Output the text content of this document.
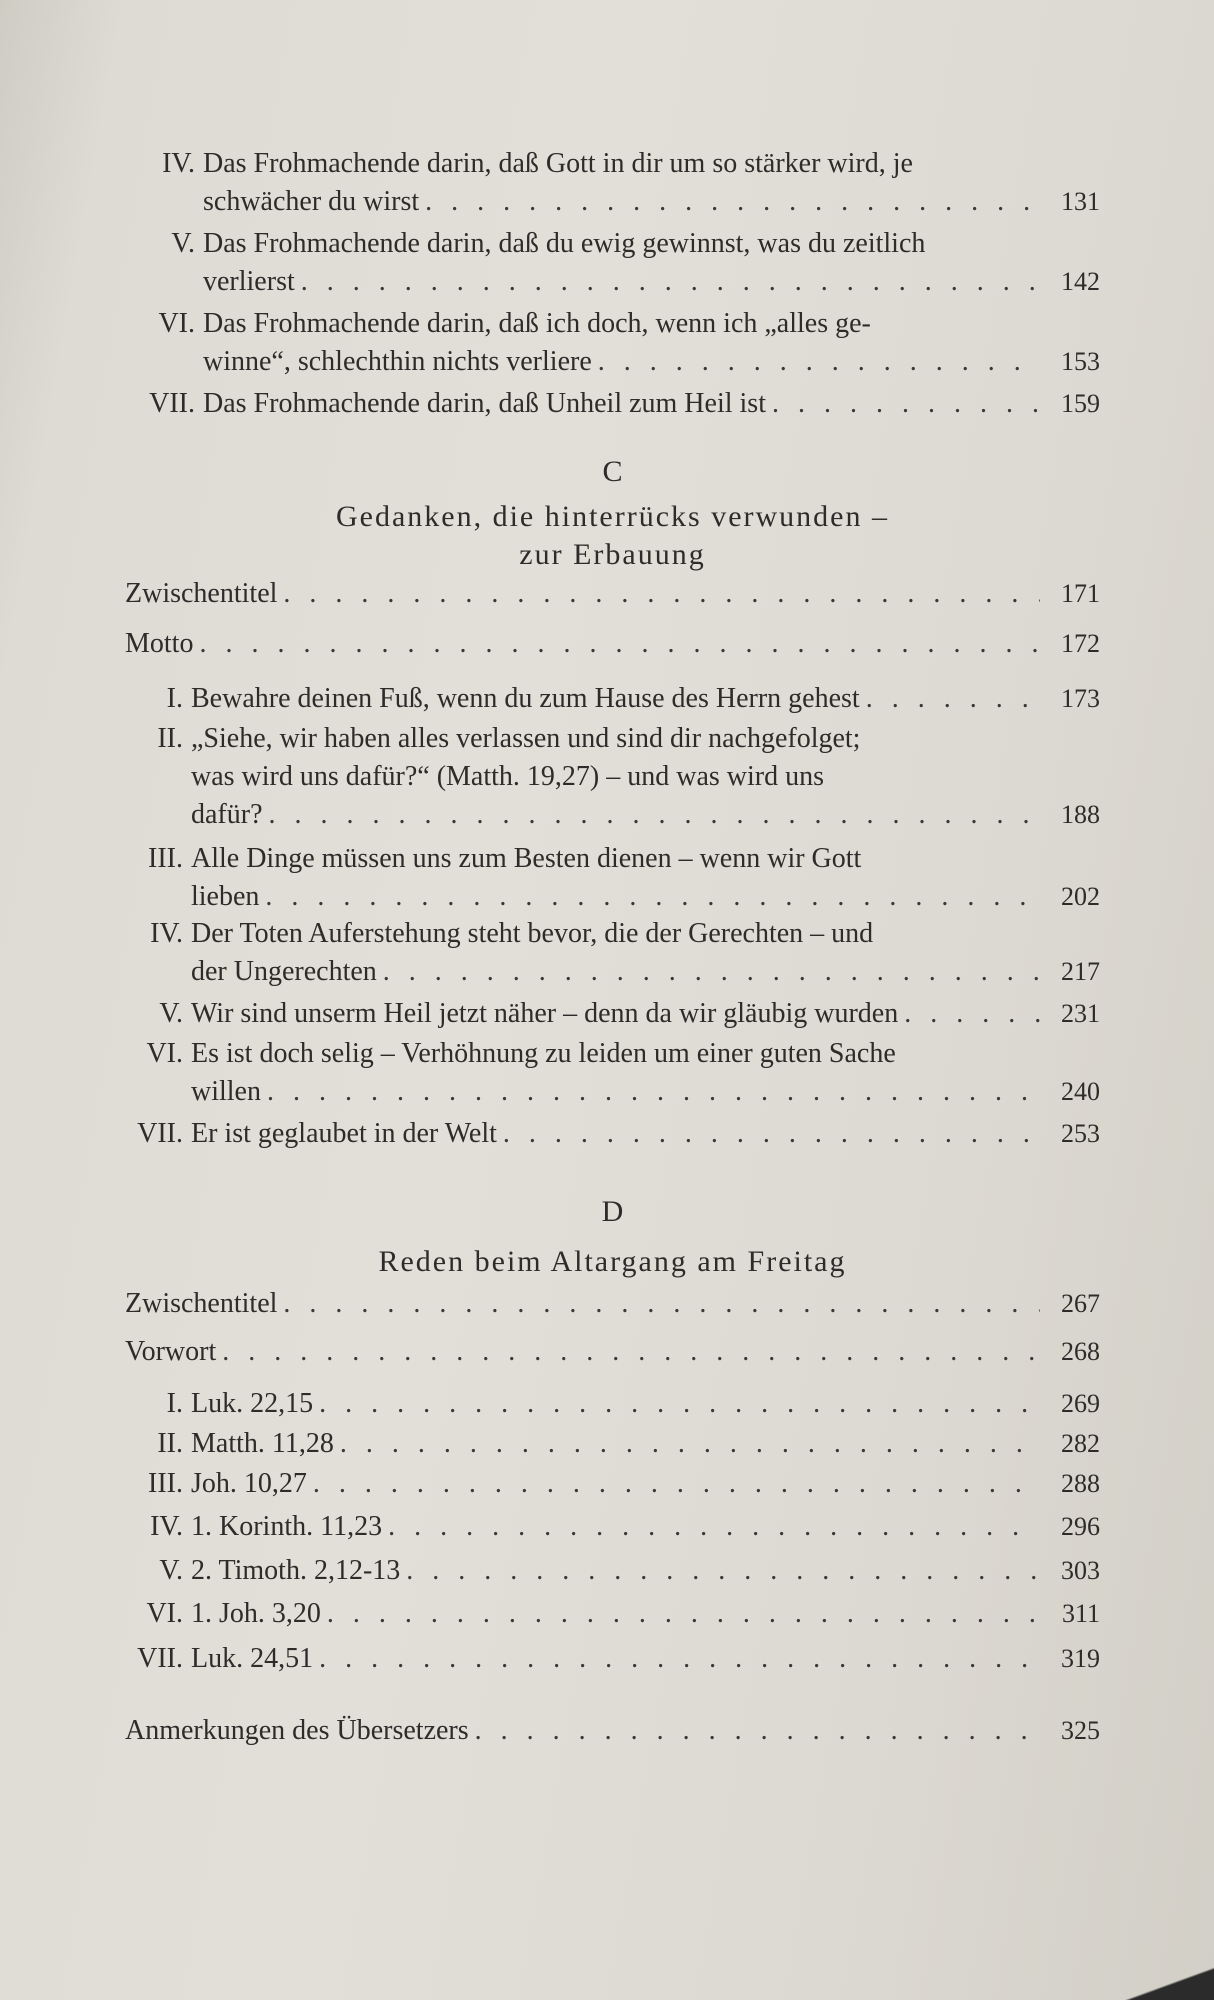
C
Gedanken, die hinterrücks verwunden –
zur Erbauung
D
Reden beim Altargang am Freitag
IV. Das Frohmachende darin, daß Gott in dir um so stärker wird, je
schwächer du wirst . . .	131
V. Das Frohmachende darin, daß du ewig gewinnst, was du zeitlich
verlierst . . .	142
VI. Das Frohmachende darin, daß ich doch, wenn ich „alles ge-
winne“, schlechthin nichts verliere . . .	153
VII. Das Frohmachende darin, daß Unheil zum Heil ist . . .	159
Zwischentitel . . .	171
Motto . . .	172
I. Bewahre deinen Fuß, wenn du zum Hause des Herrn gehest . . .	173
II. „Siehe, wir haben alles verlassen und sind dir nachgefolget;
was wird uns dafür?“ (Matth. 19,27) – und was wird uns
dafür? . . .	188
III. Alle Dinge müssen uns zum Besten dienen – wenn wir Gott
lieben . . .	202
IV. Der Toten Auferstehung steht bevor, die der Gerechten – und
der Ungerechten . . .	217
V. Wir sind unserm Heil jetzt näher – denn da wir gläubig wurden . . .	231
VI. Es ist doch selig – Verhöhnung zu leiden um einer guten Sache
willen . . .	240
VII. Er ist geglaubet in der Welt . . .	253
Zwischentitel . . .	267
Vorwort . . .	268
I. Luk. 22,15 . . .	269
II. Matth. 11,28 . . .	282
III. Joh. 10,27 . . .	288
IV. 1. Korinth. 11,23 . . .	296
V. 2. Timoth. 2,12-13 . . .	303
VI. 1. Joh. 3,20 . . .	311
VII. Luk. 24,51 . . .	319
Anmerkungen des Übersetzers . . .	325
